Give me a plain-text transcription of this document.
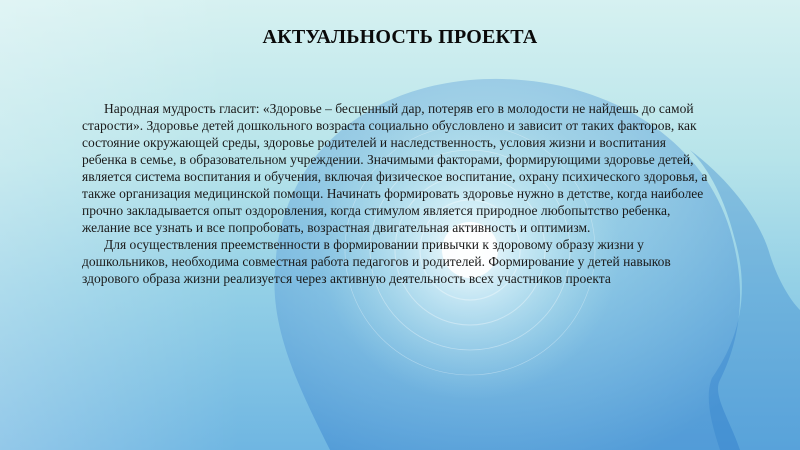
АКТУАЛЬНОСТЬ ПРОЕКТА

Народная мудрость гласит: «Здоровье – бесценный дар, потеряв его в молодости не найдешь до самой старости». Здоровье детей дошкольного возраста социально обусловлено и зависит от таких факторов, как состояние окружающей среды, здоровье родителей и наследственность, условия жизни и воспитания ребенка в семье, в образовательном учреждении. Значимыми факторами, формирующими здоровье детей, является система воспитания и обучения, включая физическое воспитание, охрану психического здоровья, а также организация медицинской помощи. Начинать формировать здоровье нужно в детстве, когда наиболее прочно закладывается опыт оздоровления, когда стимулом является природное любопытство ребенка, желание все узнать и все попробовать, возрастная двигательная активность и оптимизм.

Для осуществления преемственности в формировании привычки к здоровому образу жизни у дошкольников, необходима совместная работа педагогов и родителей. Формирование у детей навыков здорового образа жизни реализуется через активную деятельность всех участников проекта
